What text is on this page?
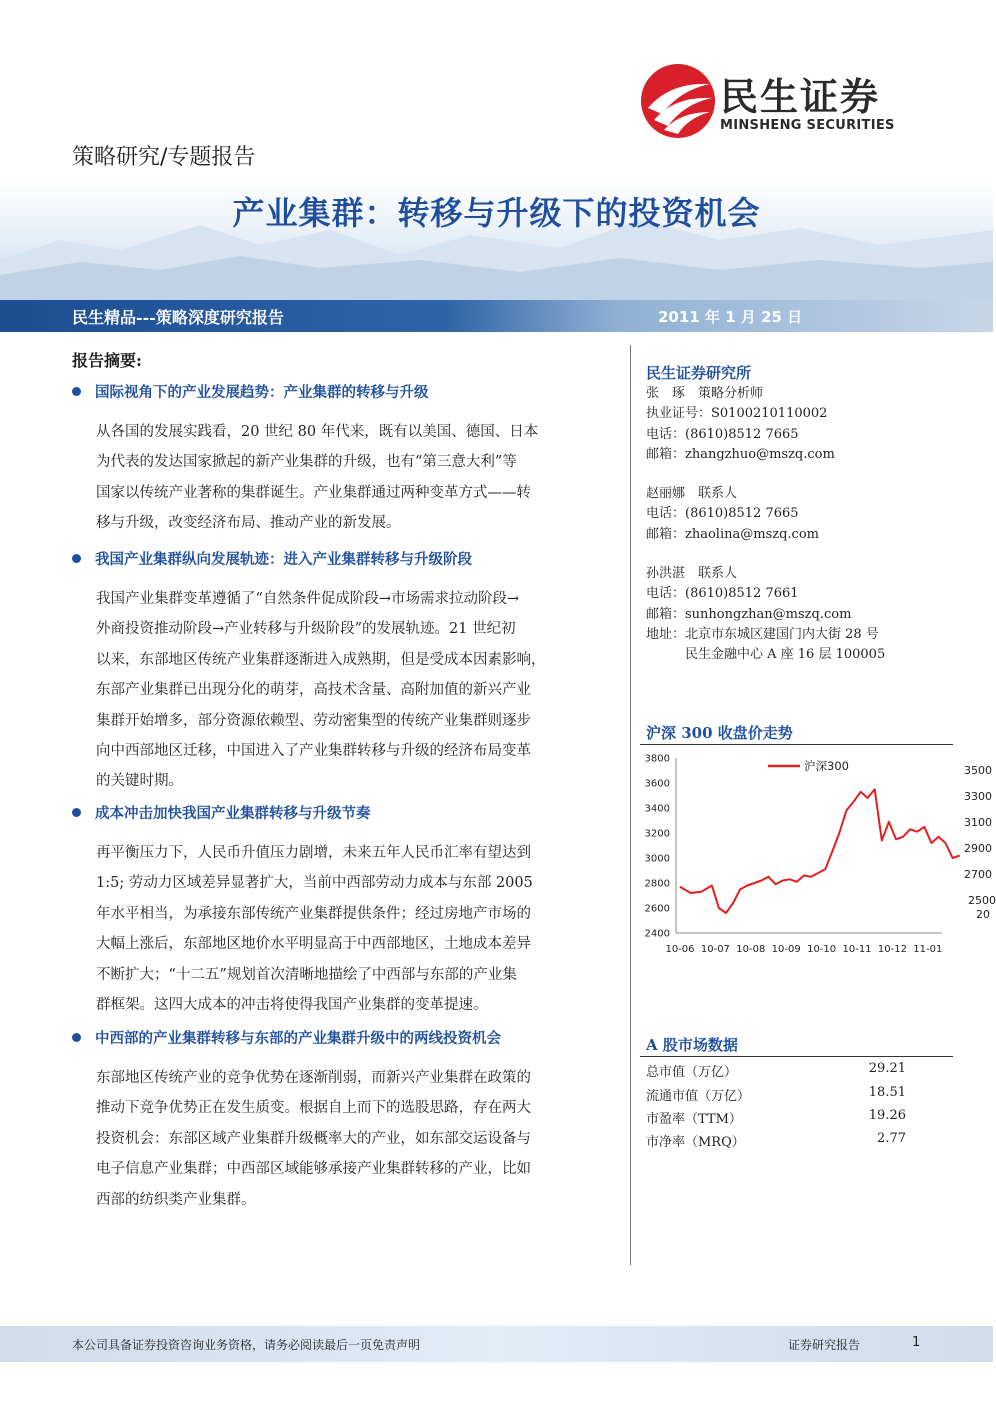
民生证券
MINSHENG SECURITIES
策略研究/专题报告
产业集群：转移与升级下的投资机会
民生精品---策略深度研究报告	2011 年 1 月 25 日
报告摘要:
国际视角下的产业发展趋势：产业集群的转移与升级
从各国的发展实践看，20 世纪 80 年代来，既有以美国、德国、日本
为代表的发达国家掀起的新产业集群的升级，也有“第三意大利”等
国家以传统产业著称的集群诞生。产业集群通过两种变革方式——转
移与升级，改变经济布局、推动产业的新发展。
我国产业集群纵向发展轨迹：进入产业集群转移与升级阶段
我国产业集群变革遵循了“自然条件促成阶段→市场需求拉动阶段→
外商投资推动阶段→产业转移与升级阶段”的发展轨迹。21 世纪初
以来，东部地区传统产业集群逐渐进入成熟期，但是受成本因素影响，
东部产业集群已出现分化的萌芽，高技术含量、高附加值的新兴产业
集群开始增多，部分资源依赖型、劳动密集型的传统产业集群则逐步
向中西部地区迁移，中国进入了产业集群转移与升级的经济布局变革
的关键时期。
成本冲击加快我国产业集群转移与升级节奏
再平衡压力下，人民币升值压力剧增，未来五年人民币汇率有望达到
1:5; 劳动力区域差异显著扩大，当前中西部劳动力成本与东部 2005
年水平相当，为承接东部传统产业集群提供条件；经过房地产市场的
大幅上涨后，东部地区地价水平明显高于中西部地区，土地成本差异
不断扩大；“十二五”规划首次清晰地描绘了中西部与东部的产业集
群框架。这四大成本的冲击将使得我国产业集群的变革提速。
中西部的产业集群转移与东部的产业集群升级中的两线投资机会
东部地区传统产业的竞争优势在逐渐削弱，而新兴产业集群在政策的
推动下竞争优势正在发生质变。根据自上而下的选股思路，存在两大
投资机会：东部区域产业集群升级概率大的产业，如东部交运设备与
电子信息产业集群；中西部区域能够承接产业集群转移的产业，比如
西部的纺织类产业集群。
民生证券研究所
张　琢　策略分析师
执业证号：S0100210110002
电话：(8610)8512 7665
邮箱：zhangzhuo@mszq.com
赵丽娜　联系人
电话：(8610)8512 7665
邮箱：zhaolina@mszq.com
孙洪湛　联系人
电话：(8610)8512 7661
邮箱：sunhongzhan@mszq.com
地址：北京市东城区建国门内大街 28 号
　　　民生金融中心 A 座 16 层 100005
沪深 300 收盘价走势
2400
2600
2800
3000
3200
3400
3600
3800
10-06 10-07 10-08 10-09 10-10 10-11 10-12 11-01
沪深300	3500
3300
3100
2900
2700
2500
20
A 股市场数据
总市值（万亿）	29.21
流通市值（万亿）	18.51
市盈率（TTM）	19.26
市净率（MRQ）	2.77
本公司具备证券投资咨询业务资格，请务必阅读最后一页免责声明	证券研究报告	1
